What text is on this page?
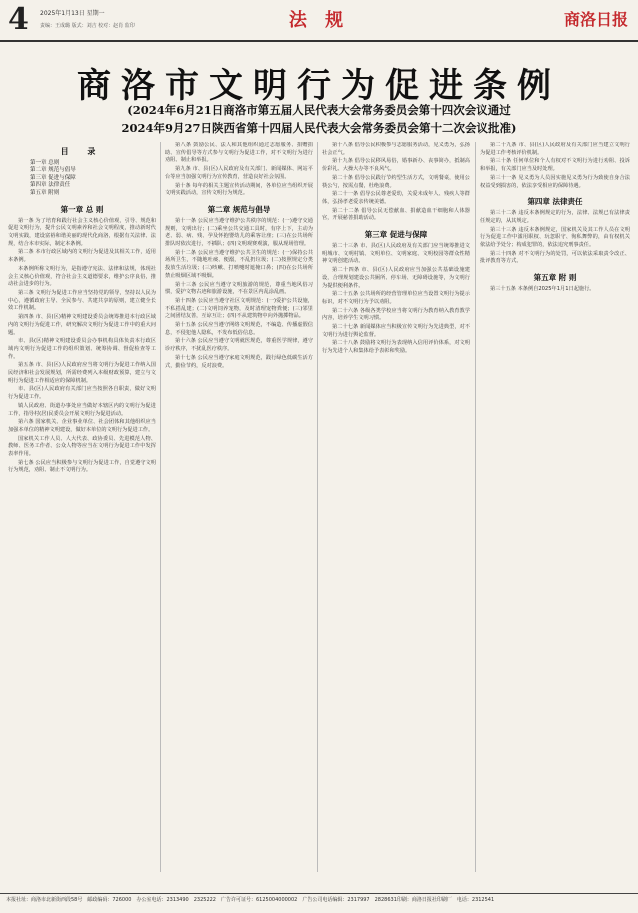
4 2025年1月13日 星期一
责编：王成璐 版式：刘吉 校对：赵肖 监印	法 规	商洛日报
商洛市文明行为促进条例
(2024年6月21日商洛市第五届人民代表大会常务委员会第十四次会议通过
2024年9月27日陕西省第十四届人民代表大会常务委员会第十二次会议批准)
目 录
第一章 总则
第二章 规范与倡导
第三章 促进与保障
第四章 法律责任
第五章 附则
第一章 总 则

第一条 为了培育和践行社会主义核心价值观，引导、规范和促进文明行为，提升公民文明素养和社会文明程度，推动新时代文明实践，建设富裕和谐美丽的现代化商洛，根据有关法律、法规，结合本市实际，制定本条例。

第二条 本市行政区域内的文明行为促进及其相关工作，适用本条例。

本条例所称文明行为，是指遵守宪法、法律和法规，体现社会主义核心价值观，符合社会主义道德要求，维护公序良俗，推动社会进步的行为。

第三条 文明行为促进工作应当坚持党的领导，坚持以人民为中心，遵循政府主导、全民参与、共建共享的原则，建立健全长效工作机制。

第四条 市、县(区)精神文明建设委员会统筹推进本行政区域内的文明行为促进工作，研究解决文明行为促进工作中的重大问题。

市、县(区)精神文明建设委员会办事机构具体负责本行政区域内文明行为促进工作的组织策划、统筹协调、督促检查等工作。

第五条 市、县(区)人民政府应当将文明行为促进工作纳入国民经济和社会发展规划，所需经费列入本级财政预算，建立与文明行为促进工作相适应的保障机制。

市、县(区)人民政府有关部门应当按照各自职责，做好文明行为促进工作。

镇人民政府、街道办事处应当做好本辖区内的文明行为促进工作，指导村(居)民委员会开展文明行为促进活动。

第六条 国家机关、企业事业单位、社会团体和其他组织应当加强本单位的精神文明建设，做好本单位的文明行为促进工作。

国家机关工作人员、人大代表、政协委员、先进模范人物、教师、医务工作者、公众人物等应当在文明行为促进工作中发挥表率作用。

第七条 公民应当积极参与文明行为促进工作，自觉遵守文明行为规范，劝阻、制止不文明行为。

第八条 鼓励公民、法人和其他组织通过志愿服务、捐赠捐助、宣传倡导等方式参与文明行为促进工作，对不文明行为进行劝阻、制止和举报。

第九条 市、县(区)人民政府及有关部门、新闻媒体、网站平台等应当加强文明行为宣传教育，营造良好社会氛围。

第十条 每年的相关主题宣传活动期间，各单位应当组织开展文明实践活动，宣传文明行为规范。

第二章 规范与倡导

第十一条 公民应当遵守维护公共秩序的规范：(一)遵守交通规则，文明出行；(二)乘坐公共交通工具时，有序上下，主动为老、弱、病、残、孕及怀抱婴幼儿的乘客让座；(三)在公共场所排队时依次进行，不插队；(四)文明观赛观演，服从现场管理。

第十二条 公民应当遵守维护公共卫生的规范：(一)保持公共场所卫生，不随地吐痰、便溺，不乱扔垃圾；(二)按照规定分类投放生活垃圾；(三)咳嗽、打喷嚏时遮掩口鼻；(四)在公共场所禁止吸烟区域不吸烟。

第十三条 公民应当遵守文明旅游的规范，尊重当地风俗习惯，爱护文物古迹和旅游设施，不在景区内乱涂乱画。

第十四条 公民应当遵守社区文明规范：(一)爱护公共设施，不私搭乱建；(二)文明饲养宠物，及时清理宠物粪便；(三)邻里之间团结友善，互谅互让；(四)不从建筑物中向外抛掷物品。

第十五条 公民应当遵守网络文明规范，不编造、传播虚假信息，不侵犯他人隐私，不发布低俗信息。

第十六条 公民应当遵守文明就医规范，尊重医学规律，遵守诊疗秩序，不扰乱医疗秩序。

第十七条 公民应当遵守家庭文明规范，践行绿色低碳生活方式，勤俭节约，反对浪费。

第十八条 倡导公民积极参与志愿服务活动，见义勇为，弘扬社会正气。

第十九条 倡导公民移风易俗，婚事新办、丧事简办，抵制高价彩礼、大操大办等不良风气。

第二十条 倡导公民践行节约型生活方式，文明餐桌，使用公筷公勺，按需点餐，杜绝浪费。

第二十一条 倡导公民尊老爱幼，关爱未成年人、残疾人等群体，弘扬孝老爱亲传统美德。

第二十二条 倡导公民无偿献血、捐献造血干细胞和人体器官，开展慈善捐助活动。

第三章 促进与保障

第二十三条 市、县(区)人民政府及有关部门应当统筹推进文明城市、文明村镇、文明单位、文明家庭、文明校园等群众性精神文明创建活动。

第二十四条 市、县(区)人民政府应当加强公共基础设施建设，合理规划建设公共厕所、停车场、无障碍设施等，为文明行为提供便利条件。

第二十五条 公共场所的经营管理单位应当设置文明行为提示标识，对不文明行为予以劝阻。

第二十六条 各级各类学校应当将文明行为教育纳入教育教学内容，培养学生文明习惯。

第二十七条 新闻媒体应当积极宣传文明行为先进典型，对不文明行为进行舆论监督。

第二十八条 鼓励将文明行为表现纳入信用评价体系，对文明行为先进个人和集体给予表彰和奖励。

第二十九条 市、县(区)人民政府及有关部门应当建立文明行为促进工作考核评价机制。

第三十条 任何单位和个人有权对不文明行为进行劝阻、投诉和举报，有关部门应当及时处理。

第三十一条 见义勇为人员因实施见义勇为行为致使自身合法权益受到损害的，依法享受相应的保障待遇。

第四章 法律责任

第三十二条 违反本条例规定的行为，法律、法规已有法律责任规定的，从其规定。

第三十三条 违反本条例规定，国家机关及其工作人员在文明行为促进工作中滥用职权、玩忽职守、徇私舞弊的，由有权机关依法给予处分；构成犯罪的，依法追究刑事责任。

第三十四条 对不文明行为的处罚，可以依法采取责令改正、批评教育等方式。

第五章 附 则

第三十五条 本条例自2025年1月1日起施行。

本报社址：商洛市北新街西段58号　邮政编码：726000　办公室电话：2313490　2325222　广告许可证号：6125004000002　广告公司电话编辑：2317997　2828631印刷：商洛日报社印刷厂　电话：2312541
